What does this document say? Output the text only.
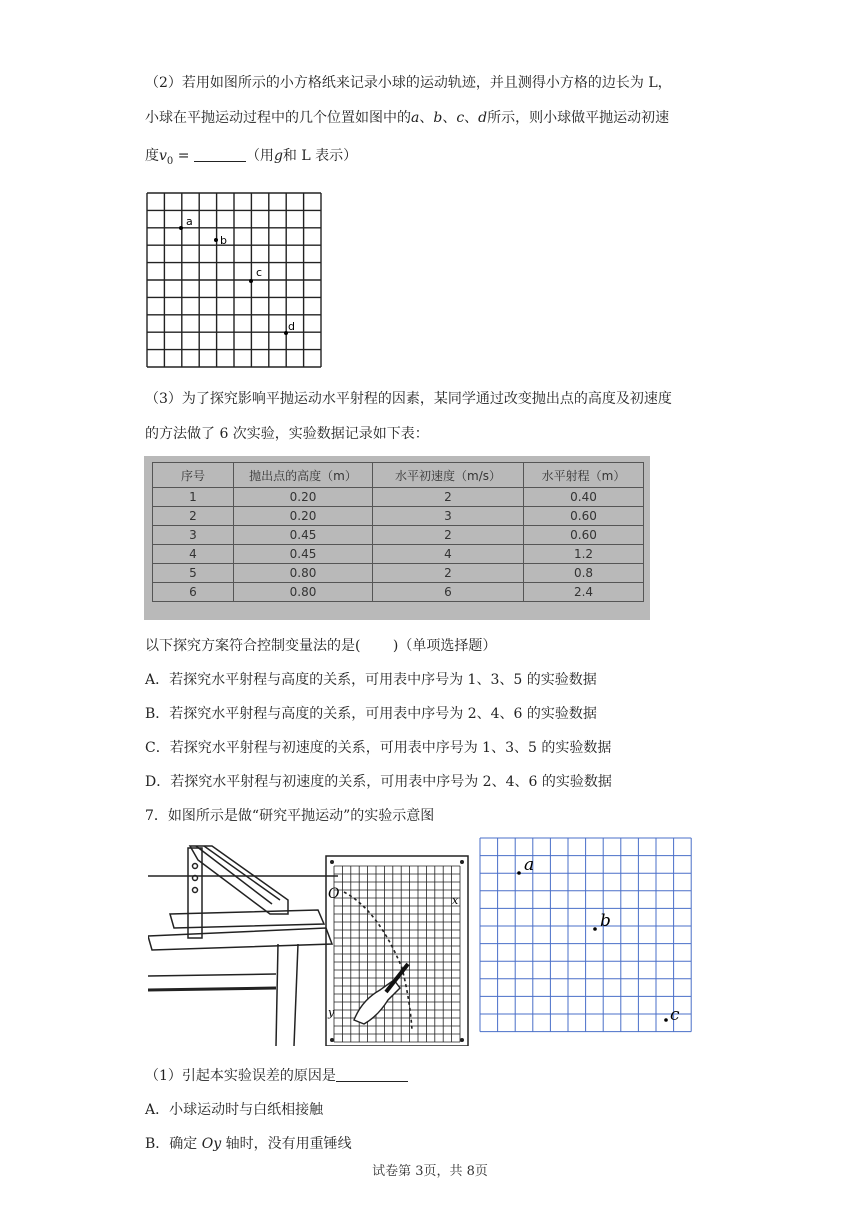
（2）若用如图所示的小方格纸来记录小球的运动轨迹，并且测得小方格的边长为 L，
小球在平抛运动过程中的几个位置如图中的a、b、c、d所示，则小球做平抛运动初速
度$v_0$ =	（用g和 L 表示）
a
b
c
d
（3）为了探究影响平抛运动水平射程的因素，某同学通过改变抛出点的高度及初速度
的方法做了 6 次实验，实验数据记录如下表：
序号	抛出点的高度（m）	水平初速度（m/s）	水平射程（m）
1	0.20	2	0.40
2	0.20	3	0.60
3	0.45	2	0.60
4	0.45	4	1.2
5	0.80	2	0.8
6	0.80	6	2.4
以下探究方案符合控制变量法的是(　　 )（单项选择题）
A．若探究水平射程与高度的关系，可用表中序号为 1、3、5 的实验数据
B．若探究水平射程与高度的关系，可用表中序号为 2、4、6 的实验数据
C．若探究水平射程与初速度的关系，可用表中序号为 1、3、5 的实验数据
D．若探究水平射程与初速度的关系，可用表中序号为 2、4、6 的实验数据
7．如图所示是做“研究平抛运动”的实验示意图
O	x
y
a
b
c
（1）引起本实验误差的原因是
A．小球运动时与白纸相接触
B．确定 Oy 轴时，没有用重锤线
试卷第 3页，共 8页
